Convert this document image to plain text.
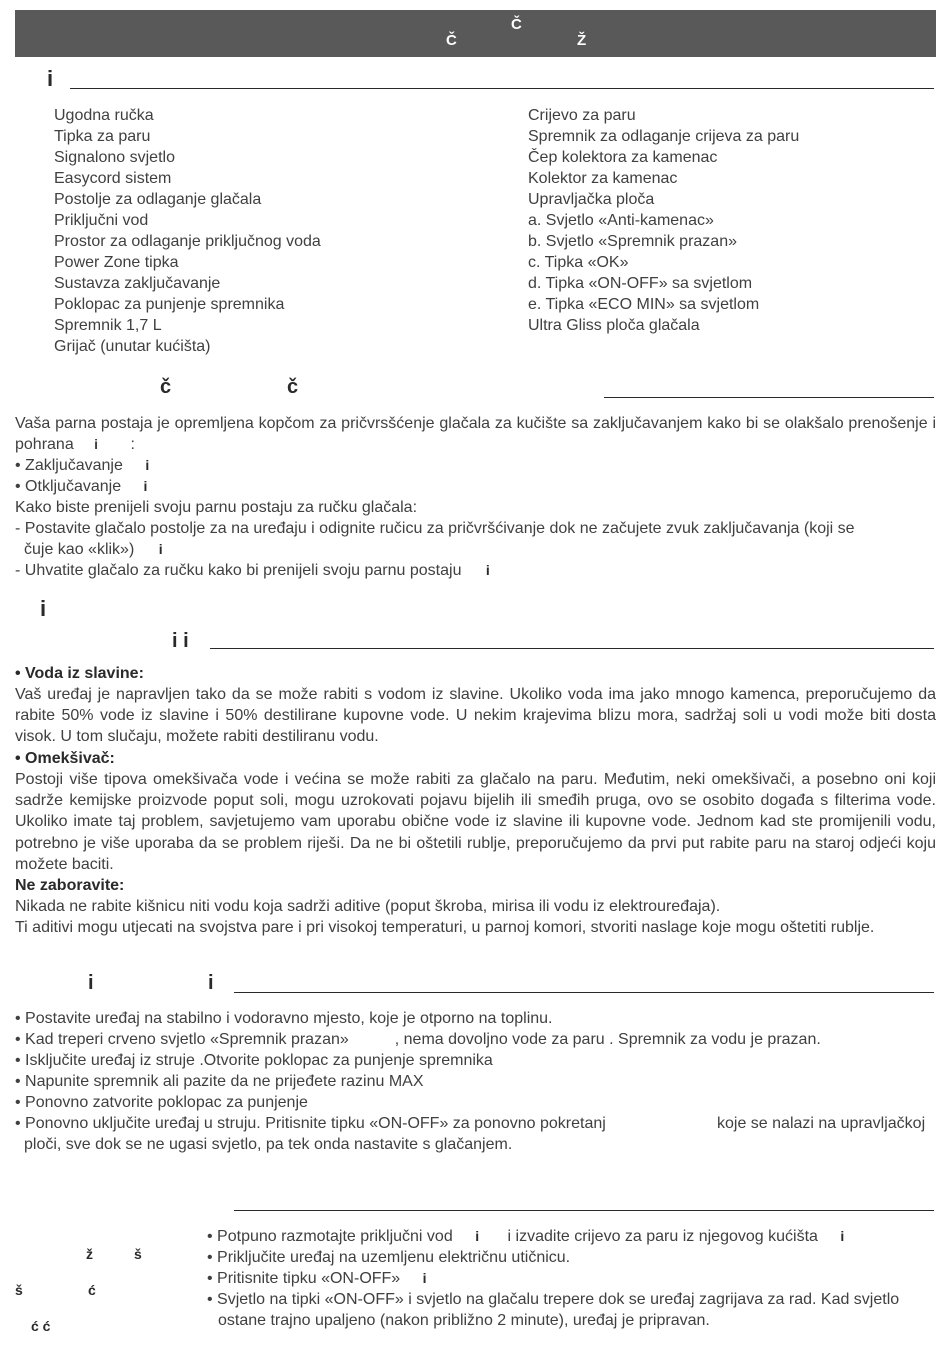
Č
Č	Ž
i
Ugodna ručka
Tipka za paru
Signalono svjetlo
Easycord sistem
Postolje za odlaganje glačala
Priključni vod
Prostor za odlaganje priključnog voda
Power Zone tipka
Sustavza zaključavanje
Poklopac za punjenje spremnika
Spremnik 1,7 L
Grijač (unutar kućišta)
Crijevo za paru
Spremnik za odlaganje crijeva za paru
Čep kolektora za kamenac
Kolektor za kamenac
Upravljačka ploča
a. Svjetlo «Anti-kamenac»
b. Svjetlo «Spremnik prazan»
c. Tipka «OK»
d. Tipka «ON-OFF» sa svjetlom
e. Tipka «ECO MIN» sa svjetlom
Ultra Gliss ploča glačala
č	č
Vaša parna postaja je opremljena kopčom za pričvrsšćenje glačala za kučište sa zaključavanjem kako bi se olakšalo prenošenje i pohrana i :
• Zaključavanje i
• Otključavanje i
Kako biste prenijeli svoju parnu postaju za ručku glačala:
- Postavite glačalo postolje za na uređaju i odignite ručicu za pričvršćivanje dok ne začujete zvuk zaključavanja (koji se
čuje kao «klik») i
- Uhvatite glačalo za ručku kako bi prenijeli svoju parnu postaju i
i
i i
• Voda iz slavine:
Vaš uređaj je napravljen tako da se može rabiti s vodom iz slavine. Ukoliko voda ima jako mnogo kamenca, preporučujemo da rabite 50% vode iz slavine i 50% destilirane kupovne vode. U nekim krajevima blizu mora, sadržaj soli u vodi može biti dosta visok. U tom slučaju, možete rabiti destiliranu vodu.
• Omekšivač:
Postoji više tipova omekšivača vode i većina se može rabiti za glačalo na paru. Međutim, neki omekšivači, a posebno oni koji sadrže kemijske proizvode poput soli, mogu uzrokovati pojavu bijelih ili smeđih pruga, ovo se osobito događa s filterima vode. Ukoliko imate taj problem, savjetujemo vam uporabu obične vode iz slavine ili kupovne vode. Jednom kad ste promijenili vodu, potrebno je više uporaba da se problem riješi. Da ne bi oštetili rublje, preporučujemo da prvi put rabite paru na staroj odjeći koju možete baciti.
Ne zaboravite:
Nikada ne rabite kišnicu niti vodu koja sadrži aditive (poput škroba, mirisa ili vodu iz elektrouređaja).
Ti aditivi mogu utjecati na svojstva pare i pri visokoj temperaturi, u parnoj komori, stvoriti naslage koje mogu oštetiti rublje.
i	i
• Postavite uređaj na stabilno i vodoravno mjesto, koje je otporno na toplinu.
• Kad treperi crveno svjetlo «Spremnik prazan»	, nema dovoljno vode za paru . Spremnik za vodu je prazan.
• Isključite uređaj iz struje .Otvorite poklopac za punjenje spremnika
• Napunite spremnik ali pazite da ne prijeđete razinu MAX
• Ponovno zatvorite poklopac za punjenje
• Ponovno uključite uređaj u struju. Pritisnite tipku «ON-OFF» za ponovno pokretanj	koje se nalazi na upravljačkoj
ploči, sve dok se ne ugasi svjetlo, pa tek onda nastavite s glačanjem.
ž	š
š	ć
ć ć
• Potpuno razmotajte priključni vod i i izvadite crijevo za paru iz njegovog kućišta i
• Priključite uređaj na uzemljenu električnu utičnicu.
• Pritisnite tipku «ON-OFF» i
• Svjetlo na tipki «ON-OFF» i svjetlo na glačalu trepere dok se uređaj zagrijava za rad. Kad svjetlo
ostane trajno upaljeno (nakon približno 2 minute), uređaj je pripravan.
